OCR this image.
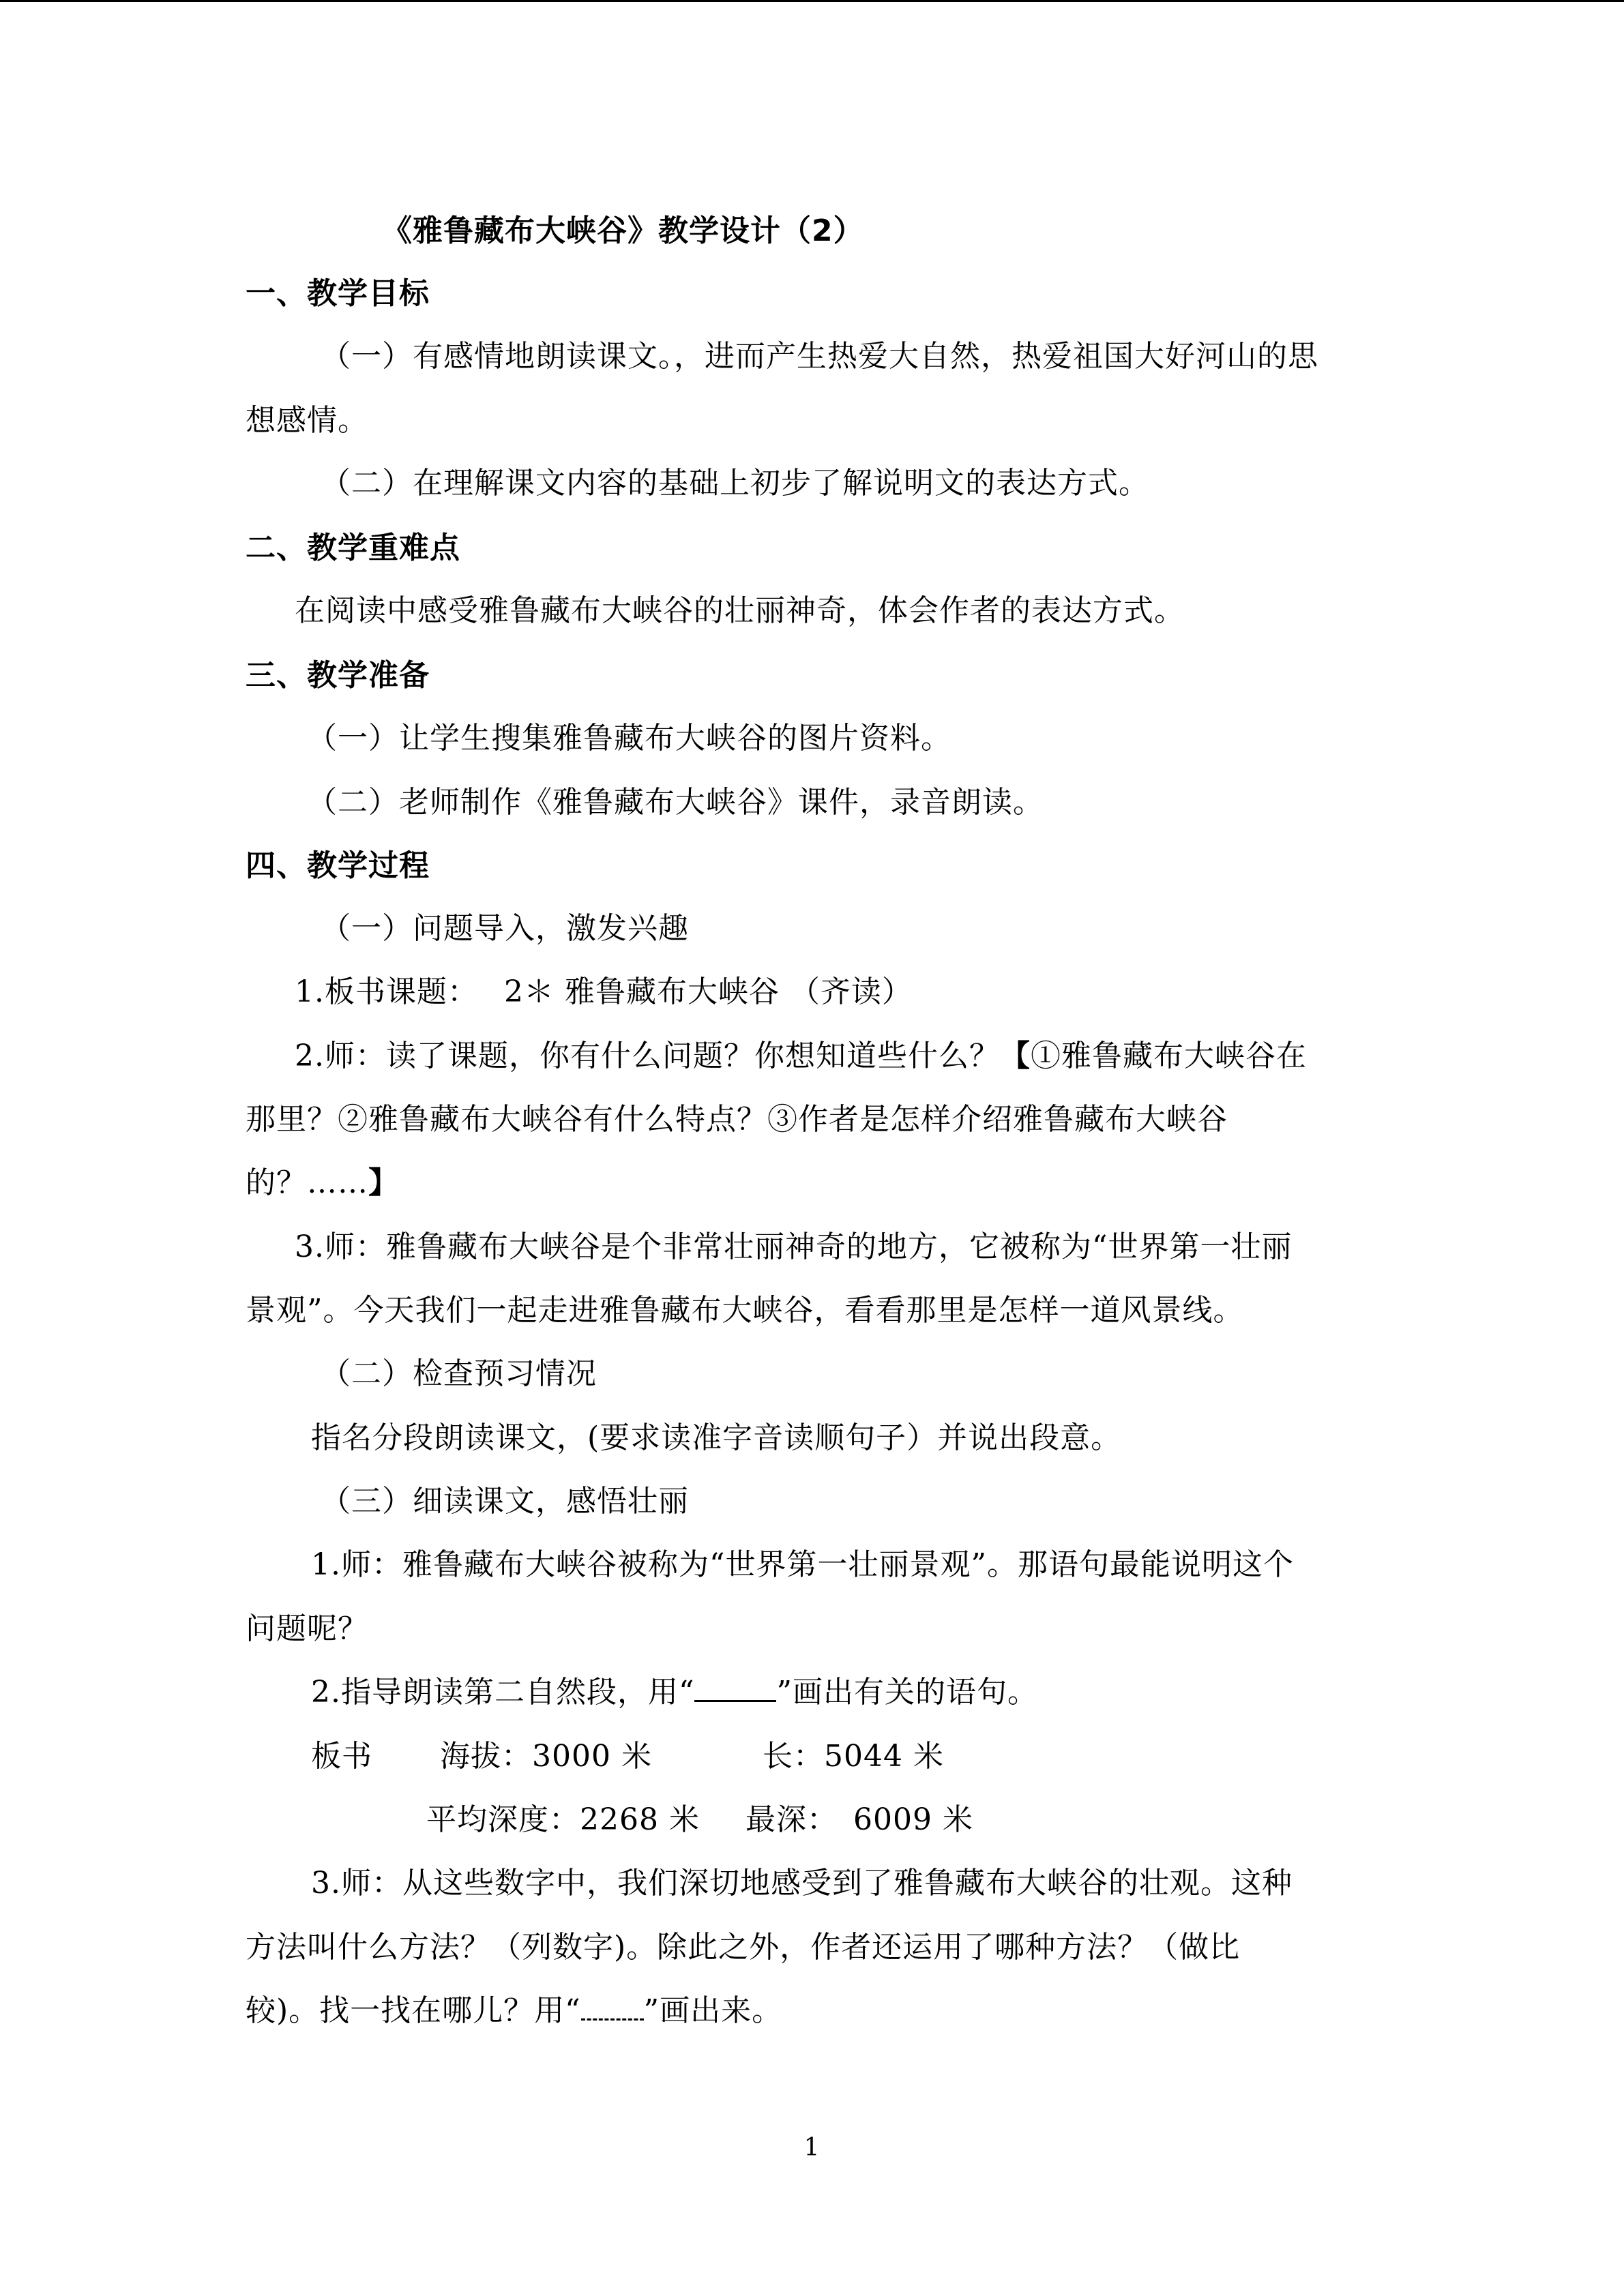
《雅鲁藏布大峡谷》教学设计（2）
一、教学目标
（一）有感情地朗读课文。，进而产生热爱大自然，热爱祖国大好河山的思
想感情。
（二）在理解课文内容的基础上初步了解说明文的表达方式。
二、教学重难点
在阅读中感受雅鲁藏布大峡谷的壮丽神奇，体会作者的表达方式。
三、教学准备
（一）让学生搜集雅鲁藏布大峡谷的图片资料。
（二）老师制作《雅鲁藏布大峡谷》课件，录音朗读。
四、教学过程
（一）问题导入，激发兴趣
1.板书课题：　 2＊ 雅鲁藏布大峡谷 （齐读）
2.师：读了课题，你有什么问题？你想知道些什么？【①雅鲁藏布大峡谷在
那里？②雅鲁藏布大峡谷有什么特点？③作者是怎样介绍雅鲁藏布大峡谷
的？……】
3.师：雅鲁藏布大峡谷是个非常壮丽神奇的地方，它被称为“世界第一壮丽
景观”。今天我们一起走进雅鲁藏布大峡谷，看看那里是怎样一道风景线。
（二）检查预习情况
指名分段朗读课文，(要求读准字音读顺句子）并说出段意。
（三）细读课文，感悟壮丽
1.师：雅鲁藏布大峡谷被称为“世界第一壮丽景观”。那语句最能说明这个
问题呢？
2.指导朗读第二自然段，用“	”画出有关的语句。
板书 海拔：3000 米	长：5044 米
平均深度：2268 米 最深：　6009 米
3.师：从这些数字中，我们深切地感受到了雅鲁藏布大峡谷的壮观。这种
方法叫什么方法？（列数字)。除此之外，作者还运用了哪种方法？（做比
较)。找一找在哪儿？用“ ”画出来。
1
